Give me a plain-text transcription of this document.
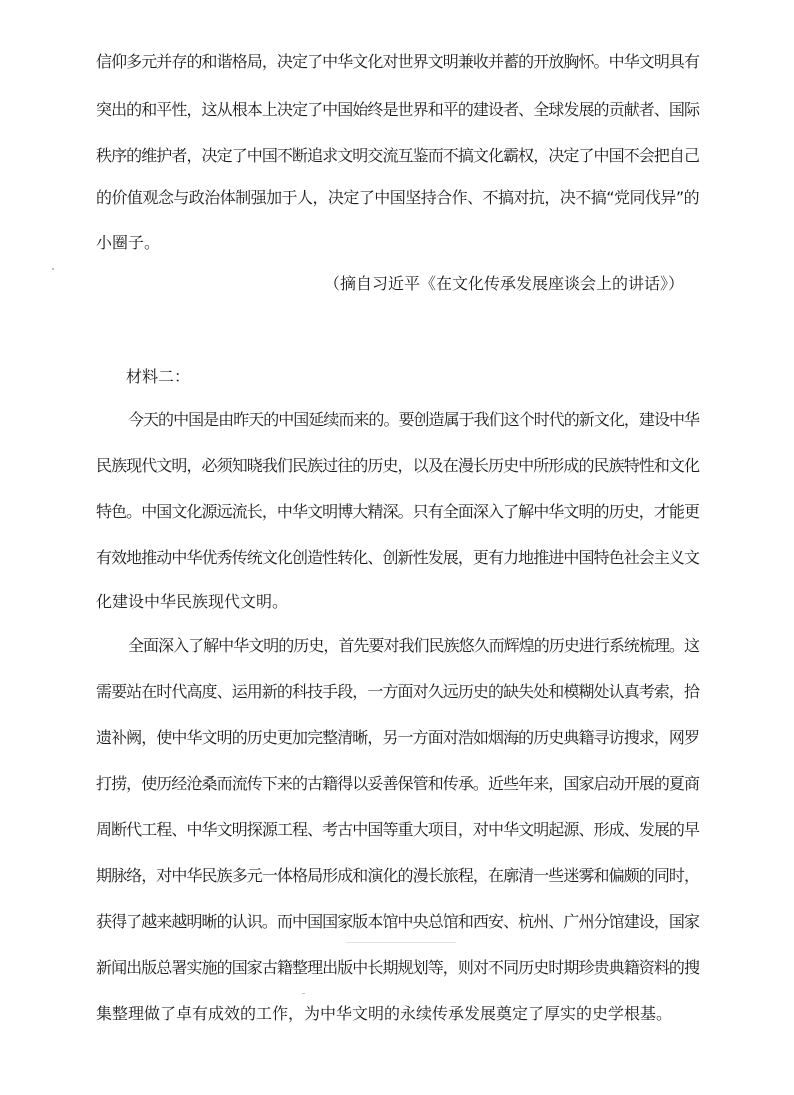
信仰多元并存的和谐格局，决定了中华文化对世界文明兼收并蓄的开放胸怀。中华文明具有
突出的和平性，这从根本上决定了中国始终是世界和平的建设者、全球发展的贡献者、国际
秩序的维护者，决定了中国不断追求文明交流互鉴而不搞文化霸权，决定了中国不会把自己
的价值观念与政治体制强加于人，决定了中国坚持合作、不搞对抗，决不搞“党同伐异”的
小圈子。
（摘自习近平《在文化传承发展座谈会上的讲话》）
材料二：
今天的中国是由昨天的中国延续而来的。要创造属于我们这个时代的新文化，建设中华
民族现代文明，必须知晓我们民族过往的历史，以及在漫长历史中所形成的民族特性和文化
特色。中国文化源远流长，中华文明博大精深。只有全面深入了解中华文明的历史，才能更
有效地推动中华优秀传统文化创造性转化、创新性发展，更有力地推进中国特色社会主义文
化建设中华民族现代文明。
全面深入了解中华文明的历史，首先要对我们民族悠久而辉煌的历史进行系统梳理。这
需要站在时代高度、运用新的科技手段，一方面对久远历史的缺失处和模糊处认真考索，拾
遗补阙，使中华文明的历史更加完整清晰，另一方面对浩如烟海的历史典籍寻访搜求，网罗
打捞，使历经沧桑而流传下来的古籍得以妥善保管和传承。近些年来，国家启动开展的夏商
周断代工程、中华文明探源工程、考古中国等重大项目，对中华文明起源、形成、发展的早
期脉络，对中华民族多元一体格局形成和演化的漫长旅程，在廓清一些迷雾和偏颇的同时，
获得了越来越明晰的认识。而中国国家版本馆中央总馆和西安、杭州、广州分馆建设，国家
新闻出版总署实施的国家古籍整理出版中长期规划等，则对不同历史时期珍贵典籍资料的搜
集整理做了卓有成效的工作，为中华文明的永续传承发展奠定了厚实的史学根基。
